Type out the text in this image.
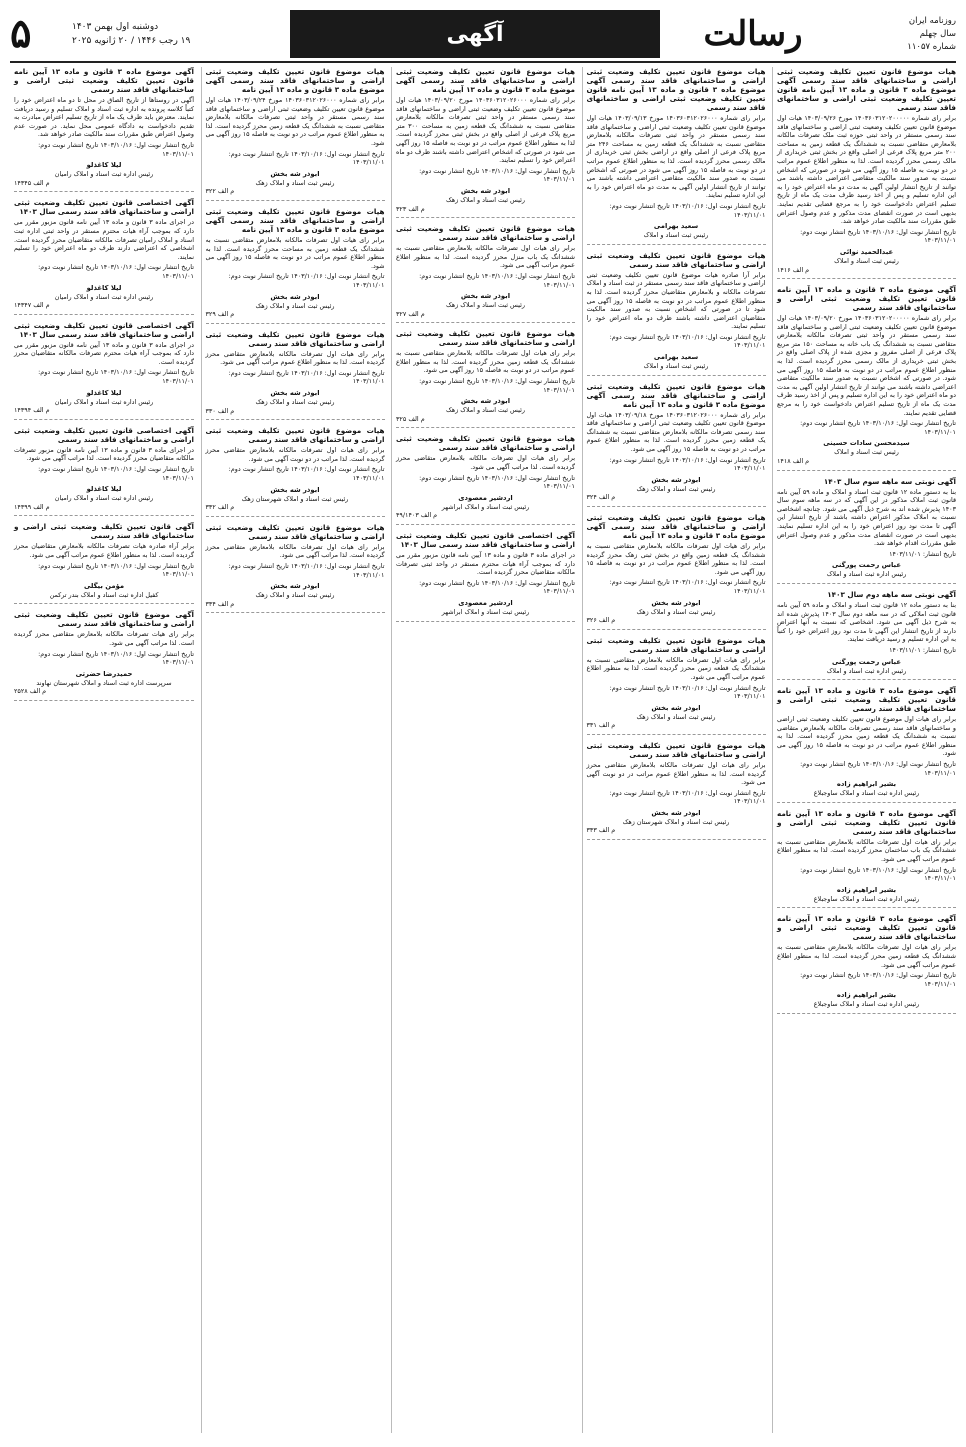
روزنامه ایران
سال چهلم
شماره ۱۱۰۵۷
رسالت
آگهی
دوشنبه اول بهمن ۱۴۰۳
۱۹ رجب ۱۴۴۶ / ۲۰ ژانویه ۲۰۲۵
۵
هیات موضوع قانون تعیین تکلیف وضعیت ثبتی اراضی و ساختمانهای فاقد سند رسمی آگهی موضوع ماده ۳ قانون و ماده ۱۳ آیین نامه قانون تعیین تکلیف وضعیت ثبتی اراضی و ساختمانهای فاقد سند رسمی
برابر رای شماره ۱۴۰۳۶۰۳۱۲۰۲۰۰۰۰۰ مورخ ۱۴۰۳/۰۹/۲۶ هیات اول موضوع قانون تعیین تکلیف وضعیت ثبتی اراضی و ساختمانهای فاقد سند رسمی مستقر در واحد ثبتی حوزه ثبت ملک تصرفات مالکانه بلامعارض متقاضی نسبت به ششدانگ یک قطعه زمین به مساحت ۲۰۰ متر مربع پلاک فرعی از اصلی واقع در بخش ثبتی خریداری از مالک رسمی محرز گردیده است. لذا به منظور اطلاع عموم مراتب در دو نوبت به فاصله ۱۵ روز آگهی می شود در صورتی که اشخاص نسبت به صدور سند مالکیت متقاضی اعتراضی داشته باشند می توانند از تاریخ انتشار اولین آگهی به مدت دو ماه اعتراض خود را به این اداره تسلیم و پس از اخذ رسید ظرف مدت یک ماه از تاریخ تسلیم اعتراض دادخواست خود را به مرجع قضایی تقدیم نمایند. بدیهی است در صورت انقضای مدت مذکور و عدم وصول اعتراض طبق مقررات سند مالکیت صادر خواهد شد.
تاریخ انتشار نوبت اول: ۱۴۰۳/۱۰/۱۶ تاریخ انتشار نوبت دوم: ۱۴۰۳/۱۱/۰۱
عبدالحمید نوائی
رئیس ثبت اسناد و املاک
م الف ۱۴۱۶
آگهی موضوع ماده ۳ قانون و ماده ۱۳ آیین نامه قانون تعیین تکلیف وضعیت ثبتی اراضی و ساختمانهای فاقد سند رسمی
برابر رای شماره ۱۴۰۳۶۰۳۱۲۰۲۰۰۰۰۰ مورخ ۱۴۰۳/۰۹/۲۰ هیات اول موضوع قانون تعیین تکلیف وضعیت ثبتی اراضی و ساختمانهای فاقد سند رسمی مستقر در واحد ثبتی تصرفات مالکانه بلامعارض متقاضی نسبت به ششدانگ یک باب خانه به مساحت ۱۵۰ متر مربع پلاک فرعی از اصلی مفروز و مجزی شده از پلاک اصلی واقع در بخش ثبتی خریداری از مالک رسمی محرز گردیده است. لذا به منظور اطلاع عموم مراتب در دو نوبت به فاصله ۱۵ روز آگهی می شود. در صورتی که اشخاص نسبت به صدور سند مالکیت متقاضی اعتراضی داشته باشند می توانند از تاریخ انتشار اولین آگهی به مدت دو ماه اعتراض خود را به این اداره تسلیم و پس از اخذ رسید ظرف مدت یک ماه از تاریخ تسلیم اعتراض دادخواست خود را به مرجع قضایی تقدیم نمایند.
تاریخ انتشار نوبت اول: ۱۴۰۳/۱۰/۱۶ تاریخ انتشار نوبت دوم: ۱۴۰۳/۱۱/۰۱
سیدمحسن سادات حسینی
رئیس ثبت اسناد و املاک
م الف ۱۴۱۸
آگهی نوبتی سه ماهه سوم سال ۱۴۰۳
بنا به دستور ماده ۱۲ قانون ثبت اسناد و املاک و ماده ۵۹ آیین نامه قانون ثبت املاک مذکور در این آگهی که در سه ماهه سوم سال ۱۴۰۳ پذیرش شده اند به شرح ذیل آگهی می شود. چنانچه اشخاصی نسبت به املاک مذکور اعتراض داشته باشند از تاریخ انتشار این آگهی تا مدت نود روز اعتراض خود را به این اداره تسلیم نمایند. بدیهی است در صورت انقضای مدت مذکور و عدم وصول اعتراض طبق مقررات اقدام خواهد شد.
تاریخ انتشار: ۱۴۰۳/۱۱/۰۱
عباس رحمت پورگنی
رئیس اداره ثبت اسناد و املاک
آگهی نوبتی سه ماهه دوم سال ۱۴۰۳
بنا به دستور ماده ۱۲ قانون ثبت اسناد و املاک و ماده ۵۹ آیین نامه قانون ثبت املاکی که در سه ماهه دوم سال ۱۴۰۳ پذیرش شده اند به شرح ذیل آگهی می شود. اشخاصی که نسبت به آنها اعتراض دارند از تاریخ انتشار این آگهی تا مدت نود روز اعتراض خود را کتباً به این اداره تسلیم و رسید دریافت نمایند.
تاریخ انتشار: ۱۴۰۳/۱۱/۰۱
عباس رحمت پورگنی
رئیس اداره ثبت اسناد و املاک
آگهی موضوع ماده ۳ قانون و ماده ۱۳ آیین نامه قانون تعیین تکلیف وضعیت ثبتی اراضی و ساختمانهای فاقد سند رسمی
برابر رای هیات اول موضوع قانون تعیین تکلیف وضعیت ثبتی اراضی و ساختمانهای فاقد سند رسمی تصرفات مالکانه بلامعارض متقاضی نسبت به ششدانگ یک قطعه زمین محرز گردیده است. لذا به منظور اطلاع عموم مراتب در دو نوبت به فاصله ۱۵ روز آگهی می شود.
تاریخ انتشار نوبت اول: ۱۴۰۳/۱۰/۱۶ تاریخ انتشار نوبت دوم: ۱۴۰۳/۱۱/۰۱
بشیر ابراهیم زاده
رئیس اداره ثبت اسناد و املاک ساوجبلاغ
آگهی موضوع ماده ۳ قانون و ماده ۱۳ آیین نامه قانون تعیین تکلیف وضعیت ثبتی اراضی و ساختمانهای فاقد سند رسمی
برابر رای هیات اول تصرفات مالکانه بلامعارض متقاضی نسبت به ششدانگ یک باب ساختمان محرز گردیده است. لذا به منظور اطلاع عموم مراتب آگهی می شود.
تاریخ انتشار نوبت اول: ۱۴۰۳/۱۰/۱۶ تاریخ انتشار نوبت دوم: ۱۴۰۳/۱۱/۰۱
بشیر ابراهیم زاده
رئیس اداره ثبت اسناد و املاک ساوجبلاغ
آگهی موضوع ماده ۳ قانون و ماده ۱۳ آیین نامه قانون تعیین تکلیف وضعیت ثبتی اراضی و ساختمانهای فاقد سند رسمی
برابر رای هیات اول تصرفات مالکانه بلامعارض متقاضی نسبت به ششدانگ یک قطعه زمین محرز گردیده است. لذا به منظور اطلاع عموم مراتب آگهی می شود.
تاریخ انتشار نوبت اول: ۱۴۰۳/۱۰/۱۶ تاریخ انتشار نوبت دوم: ۱۴۰۳/۱۱/۰۱
بشیر ابراهیم زاده
رئیس اداره ثبت اسناد و املاک ساوجبلاغ
هیات موضوع قانون تعیین تکلیف وضعیت ثبتی اراضی و ساختمانهای فاقد سند رسمی آگهی موضوع ماده ۳ قانون و ماده ۱۳ آیین نامه قانون تعیین تکلیف وضعیت ثبتی اراضی و ساختمانهای فاقد سند رسمی
برابر رای شماره ۱۴۰۳۶۰۳۱۲۰۲۶۰۰۰ مورخ ۱۴۰۳/۰۹/۱۳ هیات اول موضوع قانون تعیین تکلیف وضعیت ثبتی اراضی و ساختمانهای فاقد سند رسمی مستقر در واحد ثبتی تصرفات مالکانه بلامعارض متقاضی نسبت به ششدانگ یک قطعه زمین به مساحت ۲۴۶ متر مربع پلاک فرعی از اصلی واقع در اراضی بخش ثبتی خریداری از مالک رسمی محرز گردیده است. لذا به منظور اطلاع عموم مراتب در دو نوبت به فاصله ۱۵ روز آگهی می شود در صورتی که اشخاص نسبت به صدور سند مالکیت متقاضی اعتراضی داشته باشند می توانند از تاریخ انتشار اولین آگهی به مدت دو ماه اعتراض خود را به این اداره تسلیم نمایند.
تاریخ انتشار نوبت اول: ۱۴۰۳/۱۰/۱۶ تاریخ انتشار نوبت دوم: ۱۴۰۳/۱۱/۰۱
سعید بهرامی
رئیس ثبت اسناد و املاک
هیات موضوع قانون تعیین تکلیف وضعیت ثبتی اراضی و ساختمانهای فاقد سند رسمی
برابر آرا صادره هیات موضوع قانون تعیین تکلیف وضعیت ثبتی اراضی و ساختمانهای فاقد سند رسمی مستقر در ثبت اسناد و املاک تصرفات مالکانه و بلامعارض متقاضیان محرز گردیده است. لذا به منظور اطلاع عموم مراتب در دو نوبت به فاصله ۱۵ روز آگهی می شود تا در صورتی که اشخاص نسبت به صدور سند مالکیت متقاضیان اعتراضی داشته باشند ظرف دو ماه اعتراض خود را تسلیم نمایند.
تاریخ انتشار نوبت اول: ۱۴۰۳/۱۰/۱۶ تاریخ انتشار نوبت دوم: ۱۴۰۳/۱۱/۰۱
سعید بهرامی
رئیس ثبت اسناد و املاک
هیات موضوع قانون تعیین تکلیف وضعیت ثبتی اراضی و ساختمانهای فاقد سند رسمی آگهی موضوع ماده ۳ قانون و ماده ۱۳ آیین نامه
برابر رای شماره ۱۴۰۳۶۰۳۱۲۰۲۶۰۰۰ مورخ ۱۴۰۳/۰۹/۱۸ هیات اول موضوع قانون تعیین تکلیف وضعیت ثبتی اراضی و ساختمانهای فاقد سند رسمی تصرفات مالکانه بلامعارض متقاضی نسبت به ششدانگ یک قطعه زمین محرز گردیده است. لذا به منظور اطلاع عموم مراتب در دو نوبت به فاصله ۱۵ روز آگهی می شود.
تاریخ انتشار نوبت اول: ۱۴۰۳/۱۰/۱۶ تاریخ انتشار نوبت دوم: ۱۴۰۳/۱۱/۰۱
ابوذر شه بخش
رئیس ثبت اسناد و املاک زهک
م الف ۳۲۴
هیات موضوع قانون تعیین تکلیف وضعیت ثبتی اراضی و ساختمانهای فاقد سند رسمی آگهی موضوع ماده ۳ قانون و ماده ۱۳ آیین نامه
برابر رای هیات اول تصرفات مالکانه بلامعارض متقاضی نسبت به ششدانگ یک قطعه زمین واقع در بخش ثبتی زهک محرز گردیده است. لذا به منظور اطلاع عموم مراتب در دو نوبت به فاصله ۱۵ روز آگهی می شود.
تاریخ انتشار نوبت اول: ۱۴۰۳/۱۰/۱۶ تاریخ انتشار نوبت دوم: ۱۴۰۳/۱۱/۰۱
ابوذر شه بخش
رئیس ثبت اسناد و املاک زهک
م الف ۳۲۶
هیات موضوع قانون تعیین تکلیف وضعیت ثبتی اراضی و ساختمانهای فاقد سند رسمی
برابر رای هیات اول تصرفات مالکانه بلامعارض متقاضی نسبت به ششدانگ یک قطعه زمین محرز گردیده است. لذا به منظور اطلاع عموم مراتب آگهی می شود.
تاریخ انتشار نوبت اول: ۱۴۰۳/۱۰/۱۶ تاریخ انتشار نوبت دوم: ۱۴۰۳/۱۱/۰۱
ابوذر شه بخش
رئیس ثبت اسناد و املاک زهک
م الف ۳۳۱
هیات موضوع قانون تعیین تکلیف وضعیت ثبتی اراضی و ساختمانهای فاقد سند رسمی
برابر رای هیات اول تصرفات مالکانه بلامعارض متقاضی محرز گردیده است. لذا به منظور اطلاع عموم مراتب در دو نوبت آگهی می شود.
تاریخ انتشار نوبت اول: ۱۴۰۳/۱۰/۱۶ تاریخ انتشار نوبت دوم: ۱۴۰۳/۱۱/۰۱
ابوذر شه بخش
رئیس ثبت اسناد و املاک شهرستان زهک
م الف ۳۳۳
هیات موضوع قانون تعیین تکلیف وضعیت ثبتی اراضی و ساختمانهای فاقد سند رسمی آگهی موضوع ماده ۳ قانون و ماده ۱۳ آیین نامه
برابر رای شماره ۱۴۰۳۶۰۳۱۲۰۲۶۰۰۰ مورخ ۱۴۰۳/۰۹/۲۰ هیات اول موضوع قانون تعیین تکلیف وضعیت ثبتی اراضی و ساختمانهای فاقد سند رسمی مستقر در واحد ثبتی تصرفات مالکانه بلامعارض متقاضی نسبت به ششدانگ یک قطعه زمین به مساحت ۳۰۰ متر مربع پلاک فرعی از اصلی واقع در بخش ثبتی محرز گردیده است. لذا به منظور اطلاع عموم مراتب در دو نوبت به فاصله ۱۵ روز آگهی می شود در صورتی که اشخاص اعتراضی داشته باشند ظرف دو ماه اعتراض خود را تسلیم نمایند.
تاریخ انتشار نوبت اول: ۱۴۰۳/۱۰/۱۶ تاریخ انتشار نوبت دوم: ۱۴۰۳/۱۱/۰۱
ابوذر شه بخش
رئیس ثبت اسناد و املاک زهک
م الف ۳۲۳
هیات موضوع قانون تعیین تکلیف وضعیت ثبتی اراضی و ساختمانهای فاقد سند رسمی
برابر رای هیات اول تصرفات مالکانه بلامعارض متقاضی نسبت به ششدانگ یک باب منزل محرز گردیده است. لذا به منظور اطلاع عموم مراتب آگهی می شود.
تاریخ انتشار نوبت اول: ۱۴۰۳/۱۰/۱۶ تاریخ انتشار نوبت دوم: ۱۴۰۳/۱۱/۰۱
ابوذر شه بخش
رئیس ثبت اسناد و املاک زهک
م الف ۳۲۷
هیات موضوع قانون تعیین تکلیف وضعیت ثبتی اراضی و ساختمانهای فاقد سند رسمی
برابر رای هیات اول تصرفات مالکانه بلامعارض متقاضی نسبت به ششدانگ یک قطعه زمین محرز گردیده است. لذا به منظور اطلاع عموم مراتب در دو نوبت به فاصله ۱۵ روز آگهی می شود.
تاریخ انتشار نوبت اول: ۱۴۰۳/۱۰/۱۶ تاریخ انتشار نوبت دوم: ۱۴۰۳/۱۱/۰۱
ابوذر شه بخش
رئیس ثبت اسناد و املاک زهک
م الف ۳۲۵
هیات موضوع قانون تعیین تکلیف وضعیت ثبتی اراضی و ساختمانهای فاقد سند رسمی
برابر رای هیات اول تصرفات مالکانه بلامعارض متقاضی محرز گردیده است. لذا مراتب آگهی می شود.
تاریخ انتشار نوبت اول: ۱۴۰۳/۱۰/۱۶ تاریخ انتشار نوبت دوم: ۱۴۰۳/۱۱/۰۱
اردشیر معصودی
رئیس ثبت اسناد و املاک ابراشهر
م الف ۴۹/۱۴۰۳
آگهی اختصاصی قانون تعیین تکلیف وضعیت ثبتی اراضی و ساختمانهای فاقد سند رسمی سال ۱۴۰۳
در اجرای ماده ۳ قانون و ماده ۱۳ آیین نامه قانون مزبور مقرر می دارد که بموجب آراء هیات محترم مستقر در واحد ثبتی تصرفات مالکانه متقاضیان محرز گردیده است.
تاریخ انتشار نوبت اول: ۱۴۰۳/۱۰/۱۶ تاریخ انتشار نوبت دوم: ۱۴۰۳/۱۱/۰۱
اردشیر معصودی
رئیس ثبت اسناد و املاک ابراشهر
هیات موضوع قانون تعیین تکلیف وضعیت ثبتی اراضی و ساختمانهای فاقد سند رسمی آگهی موضوع ماده ۳ قانون و ماده ۱۳ آیین نامه
برابر رای شماره ۱۴۰۳۶۰۳۱۲۰۲۶۰۰۰ مورخ ۱۴۰۳/۰۹/۲۴ هیات اول موضوع قانون تعیین تکلیف وضعیت ثبتی اراضی و ساختمانهای فاقد سند رسمی مستقر در واحد ثبتی تصرفات مالکانه بلامعارض متقاضی نسبت به ششدانگ یک قطعه زمین محرز گردیده است. لذا به منظور اطلاع عموم مراتب در دو نوبت به فاصله ۱۵ روز آگهی می شود.
تاریخ انتشار نوبت اول: ۱۴۰۳/۱۰/۱۶ تاریخ انتشار نوبت دوم: ۱۴۰۳/۱۱/۰۱
ابوذر شه بخش
رئیس ثبت اسناد و املاک زهک
م الف ۳۲۲
هیات موضوع قانون تعیین تکلیف وضعیت ثبتی اراضی و ساختمانهای فاقد سند رسمی آگهی موضوع ماده ۳ قانون و ماده ۱۳ آیین نامه
برابر رای هیات اول تصرفات مالکانه بلامعارض متقاضی نسبت به ششدانگ یک قطعه زمین به مساحت محرز گردیده است. لذا به منظور اطلاع عموم مراتب در دو نوبت به فاصله ۱۵ روز آگهی می شود.
تاریخ انتشار نوبت اول: ۱۴۰۳/۱۰/۱۶ تاریخ انتشار نوبت دوم: ۱۴۰۳/۱۱/۰۱
ابوذر شه بخش
رئیس ثبت اسناد و املاک زهک
م الف ۳۲۹
هیات موضوع قانون تعیین تکلیف وضعیت ثبتی اراضی و ساختمانهای فاقد سند رسمی
برابر رای هیات اول تصرفات مالکانه بلامعارض متقاضی محرز گردیده است. لذا به منظور اطلاع عموم مراتب آگهی می شود.
تاریخ انتشار نوبت اول: ۱۴۰۳/۱۰/۱۶ تاریخ انتشار نوبت دوم: ۱۴۰۳/۱۱/۰۱
ابوذر شه بخش
رئیس ثبت اسناد و املاک زهک
م الف ۳۳۰
هیات موضوع قانون تعیین تکلیف وضعیت ثبتی اراضی و ساختمانهای فاقد سند رسمی
برابر رای هیات اول تصرفات مالکانه بلامعارض متقاضی محرز گردیده است. لذا مراتب در دو نوبت آگهی می شود.
تاریخ انتشار نوبت اول: ۱۴۰۳/۱۰/۱۶ تاریخ انتشار نوبت دوم: ۱۴۰۳/۱۱/۰۱
ابوذر شه بخش
رئیس ثبت اسناد و املاک شهرستان زهک
م الف ۳۳۲
هیات موضوع قانون تعیین تکلیف وضعیت ثبتی اراضی و ساختمانهای فاقد سند رسمی
برابر رای هیات اول تصرفات مالکانه بلامعارض متقاضی محرز گردیده است. لذا مراتب آگهی می شود.
تاریخ انتشار نوبت اول: ۱۴۰۳/۱۰/۱۶ تاریخ انتشار نوبت دوم: ۱۴۰۳/۱۱/۰۱
ابوذر شه بخش
رئیس ثبت اسناد و املاک زهک
م الف ۳۳۴
آگهی موضوع ماده ۳ قانون و ماده ۱۳ آیین نامه قانون تعیین تکلیف وضعیت ثبتی اراضی و ساختمانهای فاقد سند رسمی
آگهی در روستاها از تاریخ الصاق در محل تا دو ماه اعتراض خود را کتباً کلاسه پرونده به اداره ثبت اسناد و املاک تسلیم و رسید دریافت نمایند. معترض باید ظرف یک ماه از تاریخ تسلیم اعتراض مبادرت به تقدیم دادخواست به دادگاه عمومی محل نماید. در صورت عدم وصول اعتراض طبق مقررات سند مالکیت صادر خواهد شد.
تاریخ انتشار نوبت اول: ۱۴۰۳/۱۰/۱۶ تاریخ انتشار نوبت دوم: ۱۴۰۳/۱۱/۰۱
لیلا کاغذلو
رئیس اداره ثبت اسناد و املاک رامیان
م الف ۱۴۳۴۵
آگهی اختصاصی قانون تعیین تکلیف وضعیت ثبتی اراضی و ساختمانهای فاقد سند رسمی سال ۱۴۰۳
در اجرای ماده ۳ قانون و ماده ۱۳ آیین نامه قانون مزبور مقرر می دارد که بموجب آراء هیات محترم مستقر در واحد ثبتی اداره ثبت اسناد و املاک رامیان تصرفات مالکانه متقاضیان محرز گردیده است. اشخاصی که اعتراضی دارند ظرف دو ماه اعتراض خود را تسلیم نمایند.
تاریخ انتشار نوبت اول: ۱۴۰۳/۱۰/۱۶ تاریخ انتشار نوبت دوم: ۱۴۰۳/۱۱/۰۱
لیلا کاغذلو
رئیس اداره ثبت اسناد و املاک رامیان
م الف ۱۴۳۴۷
آگهی اختصاصی قانون تعیین تکلیف وضعیت ثبتی اراضی و ساختمانهای فاقد سند رسمی سال ۱۴۰۳
در اجرای ماده ۳ قانون و ماده ۱۳ آیین نامه قانون مزبور مقرر می دارد که بموجب آراء هیات محترم تصرفات مالکانه متقاضیان محرز گردیده است.
تاریخ انتشار نوبت اول: ۱۴۰۳/۱۰/۱۶ تاریخ انتشار نوبت دوم: ۱۴۰۳/۱۱/۰۱
لیلا کاغذلو
رئیس اداره ثبت اسناد و املاک رامیان
م الف ۱۴۳۹۴
آگهی اختصاصی قانون تعیین تکلیف وضعیت ثبتی اراضی و ساختمانهای فاقد سند رسمی
در اجرای ماده ۳ قانون و ماده ۱۳ آیین نامه قانون مزبور تصرفات مالکانه متقاضیان محرز گردیده است. لذا مراتب آگهی می شود.
تاریخ انتشار نوبت اول: ۱۴۰۳/۱۰/۱۶ تاریخ انتشار نوبت دوم: ۱۴۰۳/۱۱/۰۱
لیلا کاغذلو
رئیس اداره ثبت اسناد و املاک رامیان
م الف ۱۴۳۹۹
آگهی قانون تعیین تکلیف وضعیت ثبتی اراضی و ساختمانهای فاقد سند رسمی
برابر آراء صادره هیات تصرفات مالکانه بلامعارض متقاضیان محرز گردیده است. لذا به منظور اطلاع عموم مراتب آگهی می شود.
تاریخ انتشار نوبت اول: ۱۴۰۳/۱۰/۱۶ تاریخ انتشار نوبت دوم: ۱۴۰۳/۱۱/۰۱
مؤمن بیگلی
کفیل اداره ثبت اسناد و املاک بندر ترکمن
آگهی موضوع قانون تعیین تکلیف وضعیت ثبتی اراضی و ساختمانهای فاقد سند رسمی
برابر رای هیات تصرفات مالکانه بلامعارض متقاضی محرز گردیده است. لذا مراتب آگهی می شود.
تاریخ انتشار نوبت اول: ۱۴۰۳/۱۰/۱۶ تاریخ انتشار نوبت دوم: ۱۴۰۳/۱۱/۰۱
حمیدرضا حضرتی
سرپرست اداره ثبت اسناد و املاک شهرستان نهاوند
م الف ۲۵۲۸
